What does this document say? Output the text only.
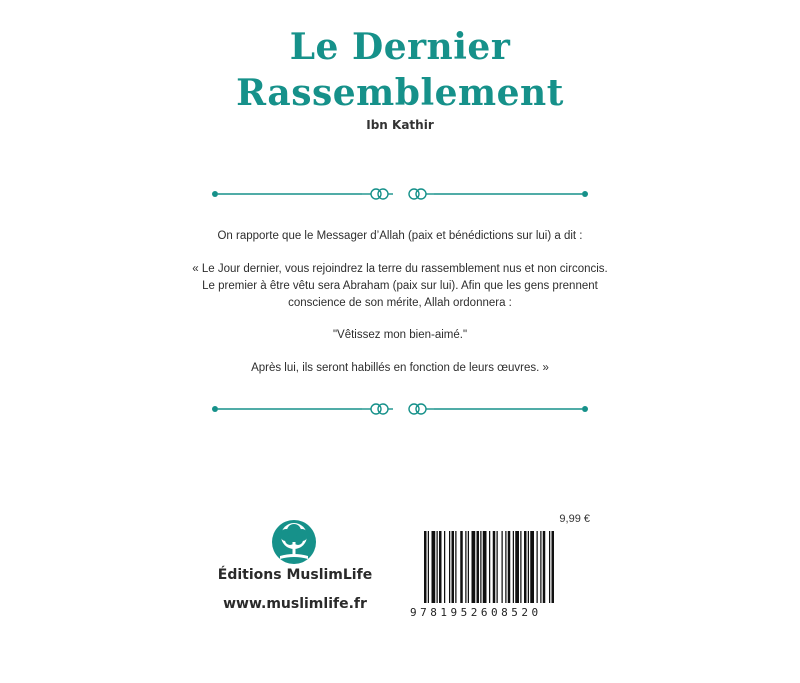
Le Dernier
Rassemblement
Ibn Kathir

On rapporte que le Messager d’Allah (paix et bénédictions sur lui) a dit :

« Le Jour dernier, vous rejoindrez la terre du rassemblement nus et non circoncis.
Le premier à être vêtu sera Abraham (paix sur lui). Afin que les gens prennent
conscience de son mérite, Allah ordonnera :

"Vêtissez mon bien-aimé."

Après lui, ils seront habillés en fonction de leurs œuvres. »

Éditions MuslimLife
www.muslimlife.fr
9,99 €
9781952608520
